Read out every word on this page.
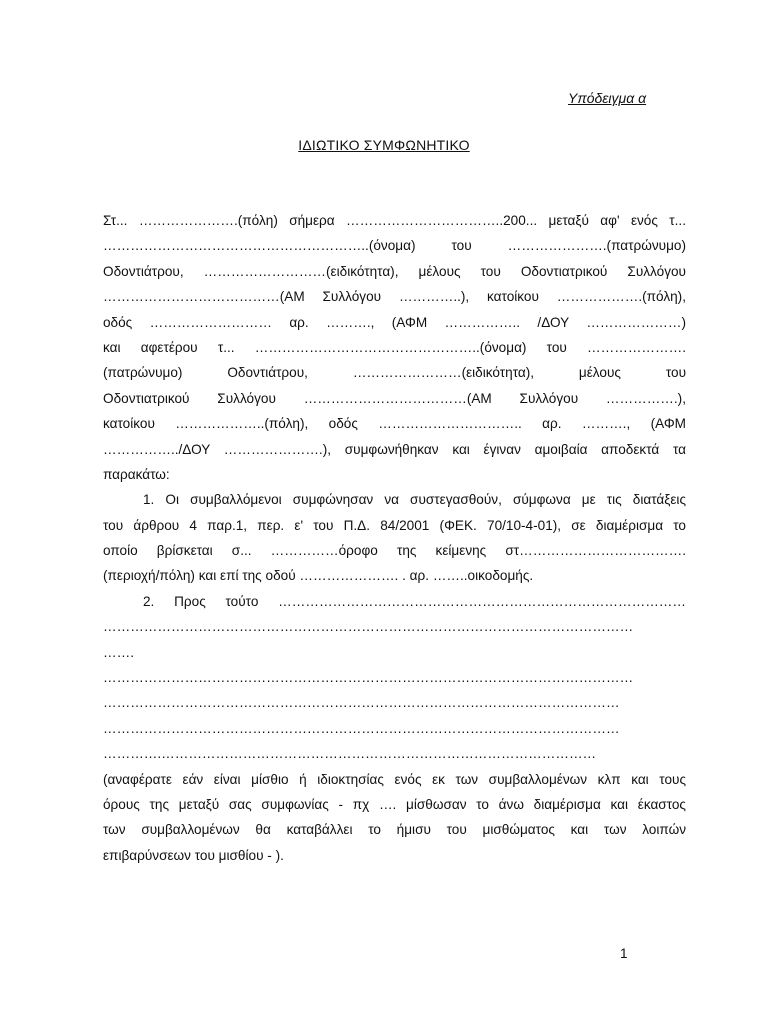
Υπόδειγμα α
ΙΔΙΩΤΙΚΟ ΣΥΜΦΩΝΗΤΙΚΟ
Στ... ………………….(πόλη) σήμερα ……………………………..200... μεταξύ αφ' ενός τ...
…………………………………………………..(όνομα) του ………………….(πατρώνυμο)
Οδοντιάτρου, ………………………(ειδικότητα), μέλους του Οδοντιατρικού Συλλόγου
…………………………………(ΑΜ Συλλόγου …………..), κατοίκου ……………….(πόλη),
οδός ……………………… αρ. ………., (ΑΦΜ …………….. /ΔΟΥ …………………)
και αφετέρου τ... …………………………………………..(όνομα) του ………………….
(πατρώνυμο) Οδοντιάτρου, ……………………(ειδικότητα), μέλους του
Οδοντιατρικού Συλλόγου ………………………………(ΑΜ Συλλόγου …………….),
κατοίκου ………………..(πόλη), οδός ………………………….. αρ. ………., (ΑΦΜ
……………../ΔΟΥ ………………….), συμφωνήθηκαν και έγιναν αμοιβαία αποδεκτά τα
παρακάτω:
1. Οι συμβαλλόμενοι συμφώνησαν να συστεγασθούν, σύμφωνα με τις διατάξεις
του άρθρου 4 παρ.1, περ. ε' του Π.Δ. 84/2001 (ΦΕΚ. 70/10-4-01), σε διαμέρισμα το
οποίο βρίσκεται σ... ……………όροφο της κείμενης στ……………………………….
(περιοχή/πόλη) και επί της οδού …………………. . αρ. ……..οικοδομής.
2. Προς τούτο ………………………………………………………………………………
………………………………………………………………………………………………………
…….
………………………………………………………………………………………………………
……………………………………………………………………………………………………
……………………………………………………………………………………………………
………….……………………………………………………………………………………
(αναφέρατε εάν είναι μίσθιο ή ιδιοκτησίας ενός εκ των συμβαλλομένων κλπ και τους
όρους της μεταξύ σας συμφωνίας - πχ …. μίσθωσαν το άνω διαμέρισμα και έκαστος
των συμβαλλομένων θα καταβάλλει το ήμισυ του μισθώματος και των λοιπών
επιβαρύνσεων του μισθίου - ).
1
